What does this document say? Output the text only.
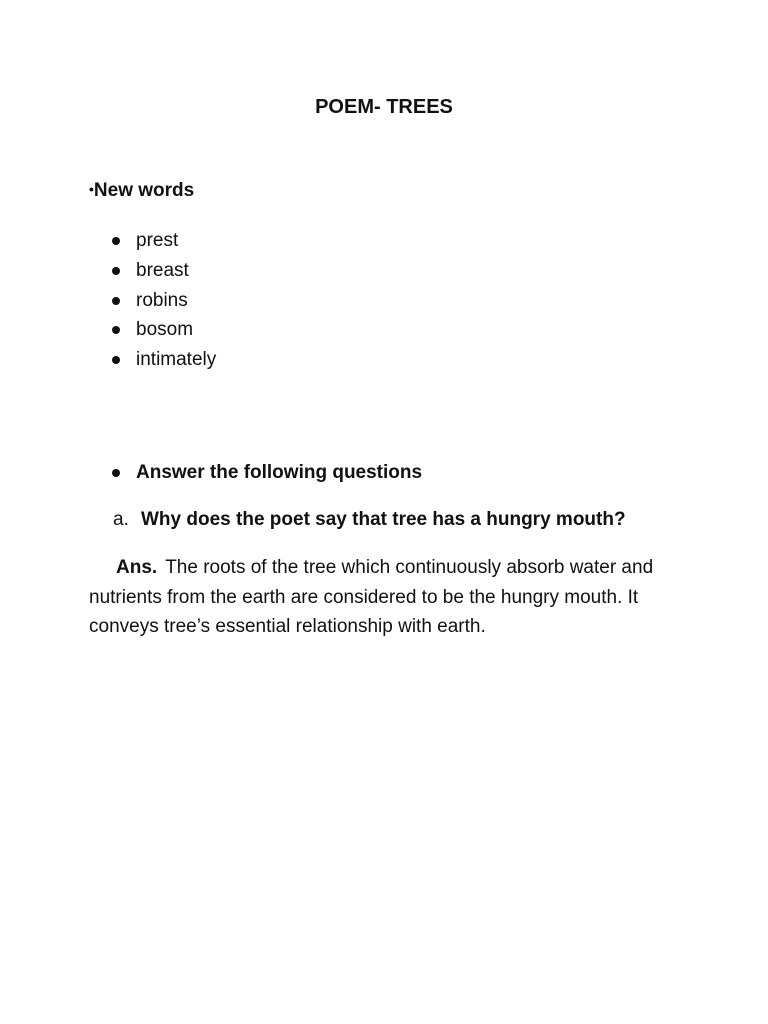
POEM- TREES
•New words
prest
breast
robins
bosom
intimately
Answer the following questions
a. Why does the poet say that tree has a hungry mouth?
Ans. The roots of the tree which continuously absorb water and nutrients from the earth are considered to be the hungry mouth. It conveys tree’s essential relationship with earth.
